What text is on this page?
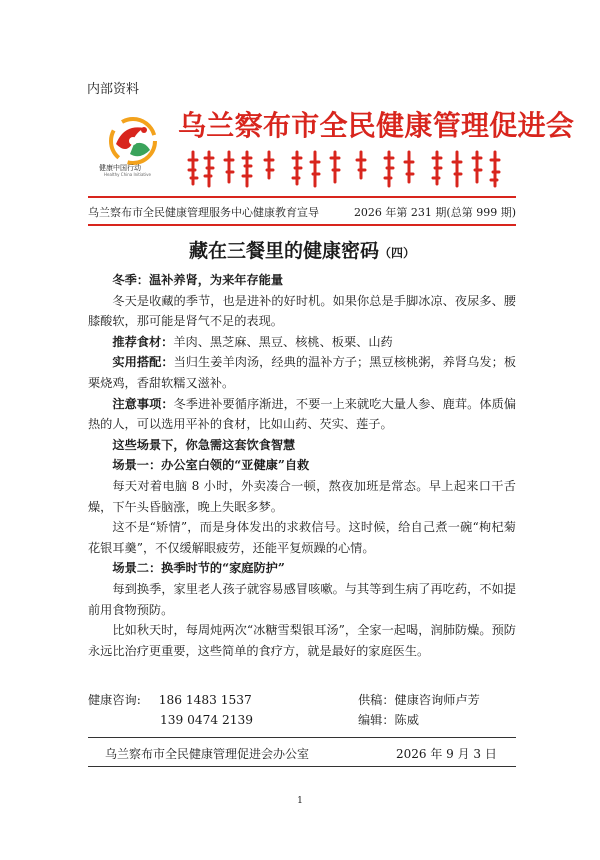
内部资料
健康中国行动
Healthy China Initiative
乌兰察布市全民健康管理促进会
乌兰察布市全民健康管理服务中心健康教育宣导	2026 年第 231 期(总第 999 期)
藏在三餐里的健康密码（四）

冬季：温补养肾，为来年存能量

冬天是收藏的季节，也是进补的好时机。如果你总是手脚冰凉、夜尿多、腰膝酸软，那可能是肾气不足的表现。

推荐食材：羊肉、黑芝麻、黑豆、核桃、板栗、山药

实用搭配：当归生姜羊肉汤，经典的温补方子；黑豆核桃粥，养肾乌发；板栗烧鸡，香甜软糯又滋补。

注意事项：冬季进补要循序渐进，不要一上来就吃大量人参、鹿茸。体质偏热的人，可以选用平补的食材，比如山药、芡实、莲子。

这些场景下，你急需这套饮食智慧

场景一：办公室白领的“亚健康”自救

每天对着电脑 8 小时，外卖凑合一顿，熬夜加班是常态。早上起来口干舌燥，下午头昏脑涨，晚上失眠多梦。

这不是“矫情”，而是身体发出的求救信号。这时候，给自己煮一碗“枸杞菊花银耳羹”，不仅缓解眼疲劳，还能平复烦躁的心情。

场景二：换季时节的“家庭防护”

每到换季，家里老人孩子就容易感冒咳嗽。与其等到生病了再吃药，不如提前用食物预防。

比如秋天时，每周炖两次“冰糖雪梨银耳汤”，全家一起喝，润肺防燥。预防永远比治疗更重要，这些简单的食疗方，就是最好的家庭医生。

健康咨询: 186 1483 1537
139 0474 2139
供稿：健康咨询师卢芳
编辑：陈威
乌兰察布市全民健康管理促进会办公室	2026 年 9 月 3 日
1
